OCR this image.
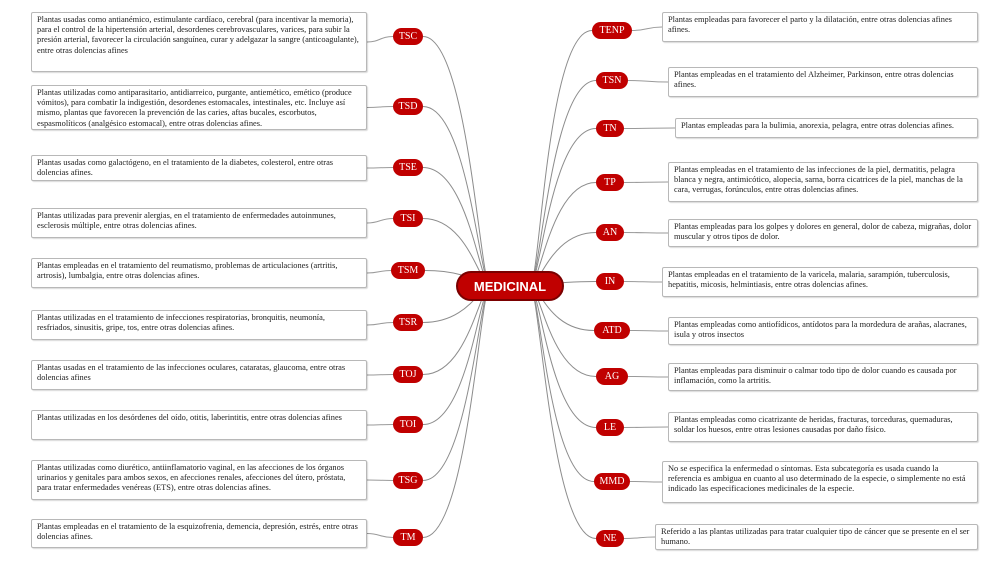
Plantas usadas como antianémico, estimulante cardíaco, cerebral (para incentivar la memoria), para el control de la hipertensión arterial, desordenes cerebrovasculares, varices, para subir la presión arterial, favorecer la circulación sanguínea, curar y adelgazar la sangre (anticoagulante), entre otras dolencias afines
TSC
Plantas utilizadas como antiparasitario, antidiarreico, purgante, antiemético, emético (produce vómitos), para combatir la indigestión, desordenes estomacales, intestinales, etc. Incluye así mismo, plantas que favorecen la prevención de las caries, aftas bucales, escorbutos, espasmolíticos (analgésico estomacal), entre otras dolencias afines.
TSD
Plantas usadas como galactógeno, en el tratamiento de la diabetes, colesterol, entre otras dolencias afines.	TSE
Plantas utilizadas para prevenir alergias, en el tratamiento de enfermedades autoinmunes, esclerosis múltiple, entre otras dolencias afines.
TSI
Plantas empleadas en el tratamiento del reumatismo, problemas de articulaciones (artritis, artrosis), lumbalgia, entre otras dolencias afines.	TSM
Plantas utilizadas en el tratamiento de infecciones respiratorias, bronquitis, neumonía, resfriados, sinusitis, gripe, tos, entre otras dolencias afines.	TSR
Plantas usadas en el tratamiento de las infecciones oculares, cataratas, glaucoma, entre otras dolencias afines	TOJ
Plantas utilizadas en los desórdenes del oído, otitis, laberintitis, entre otras dolencias afines
TOI
Plantas utilizadas como diurético, antiinflamatorio vaginal, en las afecciones de los órganos urinarios y genitales para ambos sexos, en afecciones renales, afecciones del útero, próstata, para tratar enfermedades venéreas (ETS), entre otras dolencias afines.
TSG
Plantas empleadas en el tratamiento de la esquizofrenia, demencia, depresión, estrés, entre otras dolencias afines.	TM
Plantas empleadas para favorecer el parto y la dilatación, entre otras dolencias afines afines.
TENP
Plantas empleadas en el tratamiento del Alzheimer, Parkinson, entre otras dolencias afines.
TSN
Plantas empleadas para la bulimia, anorexia, pelagra, entre otras dolencias afines.
TN
Plantas empleadas en el tratamiento de las infecciones de la piel, dermatitis, pelagra blanca y negra, antimicótico, alopecia, sarna, borra cicatrices de la piel, manchas de la cara, verrugas, forúnculos, entre otras dolencias afines.
TP
Plantas empleadas para los golpes y dolores en general, dolor de cabeza, migrañas, dolor muscular y otros tipos de dolor.
AN
Plantas empleadas en el tratamiento de la varicela, malaria, sarampión, tuberculosis, hepatitis, micosis, helmintiasis, entre otras dolencias afines.
IN
Plantas empleadas como antiofídicos, antídotos para la mordedura de arañas, alacranes, isula y otros insectos
ATD
Plantas empleadas para disminuir o calmar todo tipo de dolor cuando es causada por inflamación, como la artritis.
AG
Plantas empleadas como cicatrizante de heridas, fracturas, torceduras, quemaduras, soldar los huesos, entre otras lesiones causadas por daño físico.
LE
No se especifica la enfermedad o síntomas. Esta subcategoría es usada cuando la referencia es ambigua en cuanto al uso determinado de la especie, o simplemente no está indicado las especificaciones medicinales de la especie.
MMD
Referido a las plantas utilizadas para tratar cualquier tipo de cáncer que se presente en el ser humano.
NE
MEDICINAL
